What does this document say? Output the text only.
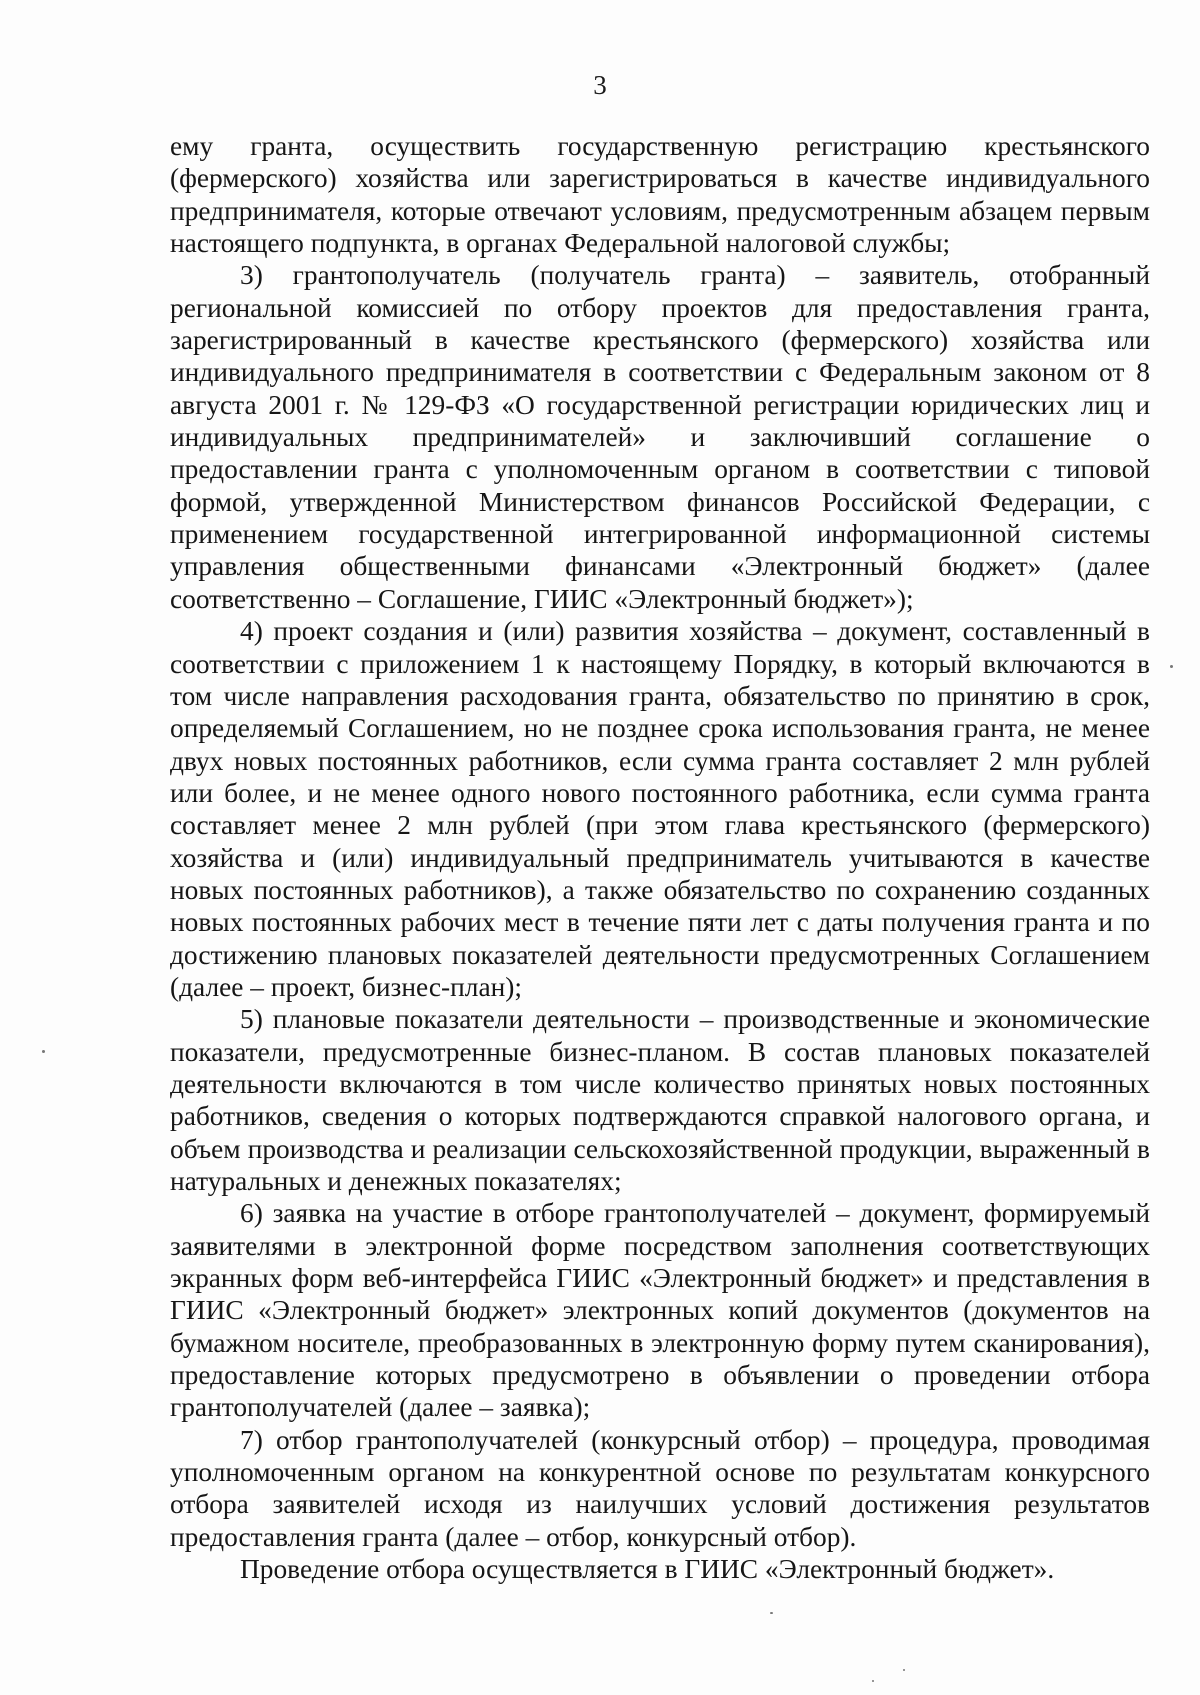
3

ему гранта, осуществить государственную регистрацию крестьянского (фермерского) хозяйства или зарегистрироваться в качестве индивидуального предпринимателя, которые отвечают условиям, предусмотренным абзацем первым настоящего подпункта, в органах Федеральной налоговой службы;

3) грантополучатель (получатель гранта) – заявитель, отобранный региональной комиссией по отбору проектов для предоставления гранта, зарегистрированный в качестве крестьянского (фермерского) хозяйства или индивидуального предпринимателя в соответствии с Федеральным законом от 8 августа 2001 г. № 129-ФЗ «О государственной регистрации юридических лиц и индивидуальных предпринимателей» и заключивший соглашение о предоставлении гранта с уполномоченным органом в соответствии с типовой формой, утвержденной Министерством финансов Российской Федерации, с применением государственной интегрированной информационной системы управления общественными финансами «Электронный бюджет» (далее соответственно – Соглашение, ГИИС «Электронный бюджет»);

4) проект создания и (или) развития хозяйства – документ, составленный в соответствии с приложением 1 к настоящему Порядку, в который включаются в том числе направления расходования гранта, обязательство по принятию в срок, определяемый Соглашением, но не позднее срока использования гранта, не менее двух новых постоянных работников, если сумма гранта составляет 2 млн рублей или более, и не менее одного нового постоянного работника, если сумма гранта составляет менее 2 млн рублей (при этом глава крестьянского (фермерского) хозяйства и (или) индивидуальный предприниматель учитываются в качестве новых постоянных работников), а также обязательство по сохранению созданных новых постоянных рабочих мест в течение пяти лет с даты получения гранта и по достижению плановых показателей деятельности предусмотренных Соглашением (далее – проект, бизнес-план);

5) плановые показатели деятельности – производственные и экономические показатели, предусмотренные бизнес-планом. В состав плановых показателей деятельности включаются в том числе количество принятых новых постоянных работников, сведения о которых подтверждаются справкой налогового органа, и объем производства и реализации сельскохозяйственной продукции, выраженный в натуральных и денежных показателях;

6) заявка на участие в отборе грантополучателей – документ, формируемый заявителями в электронной форме посредством заполнения соответствующих экранных форм веб-интерфейса ГИИС «Электронный бюджет» и представления в ГИИС «Электронный бюджет» электронных копий документов (документов на бумажном носителе, преобразованных в электронную форму путем сканирования), предоставление которых предусмотрено в объявлении о проведении отбора грантополучателей (далее – заявка);

7) отбор грантополучателей (конкурсный отбор) – процедура, проводимая уполномоченным органом на конкурентной основе по результатам конкурсного отбора заявителей исходя из наилучших условий достижения результатов предоставления гранта (далее – отбор, конкурсный отбор).

Проведение отбора осуществляется в ГИИС «Электронный бюджет».
